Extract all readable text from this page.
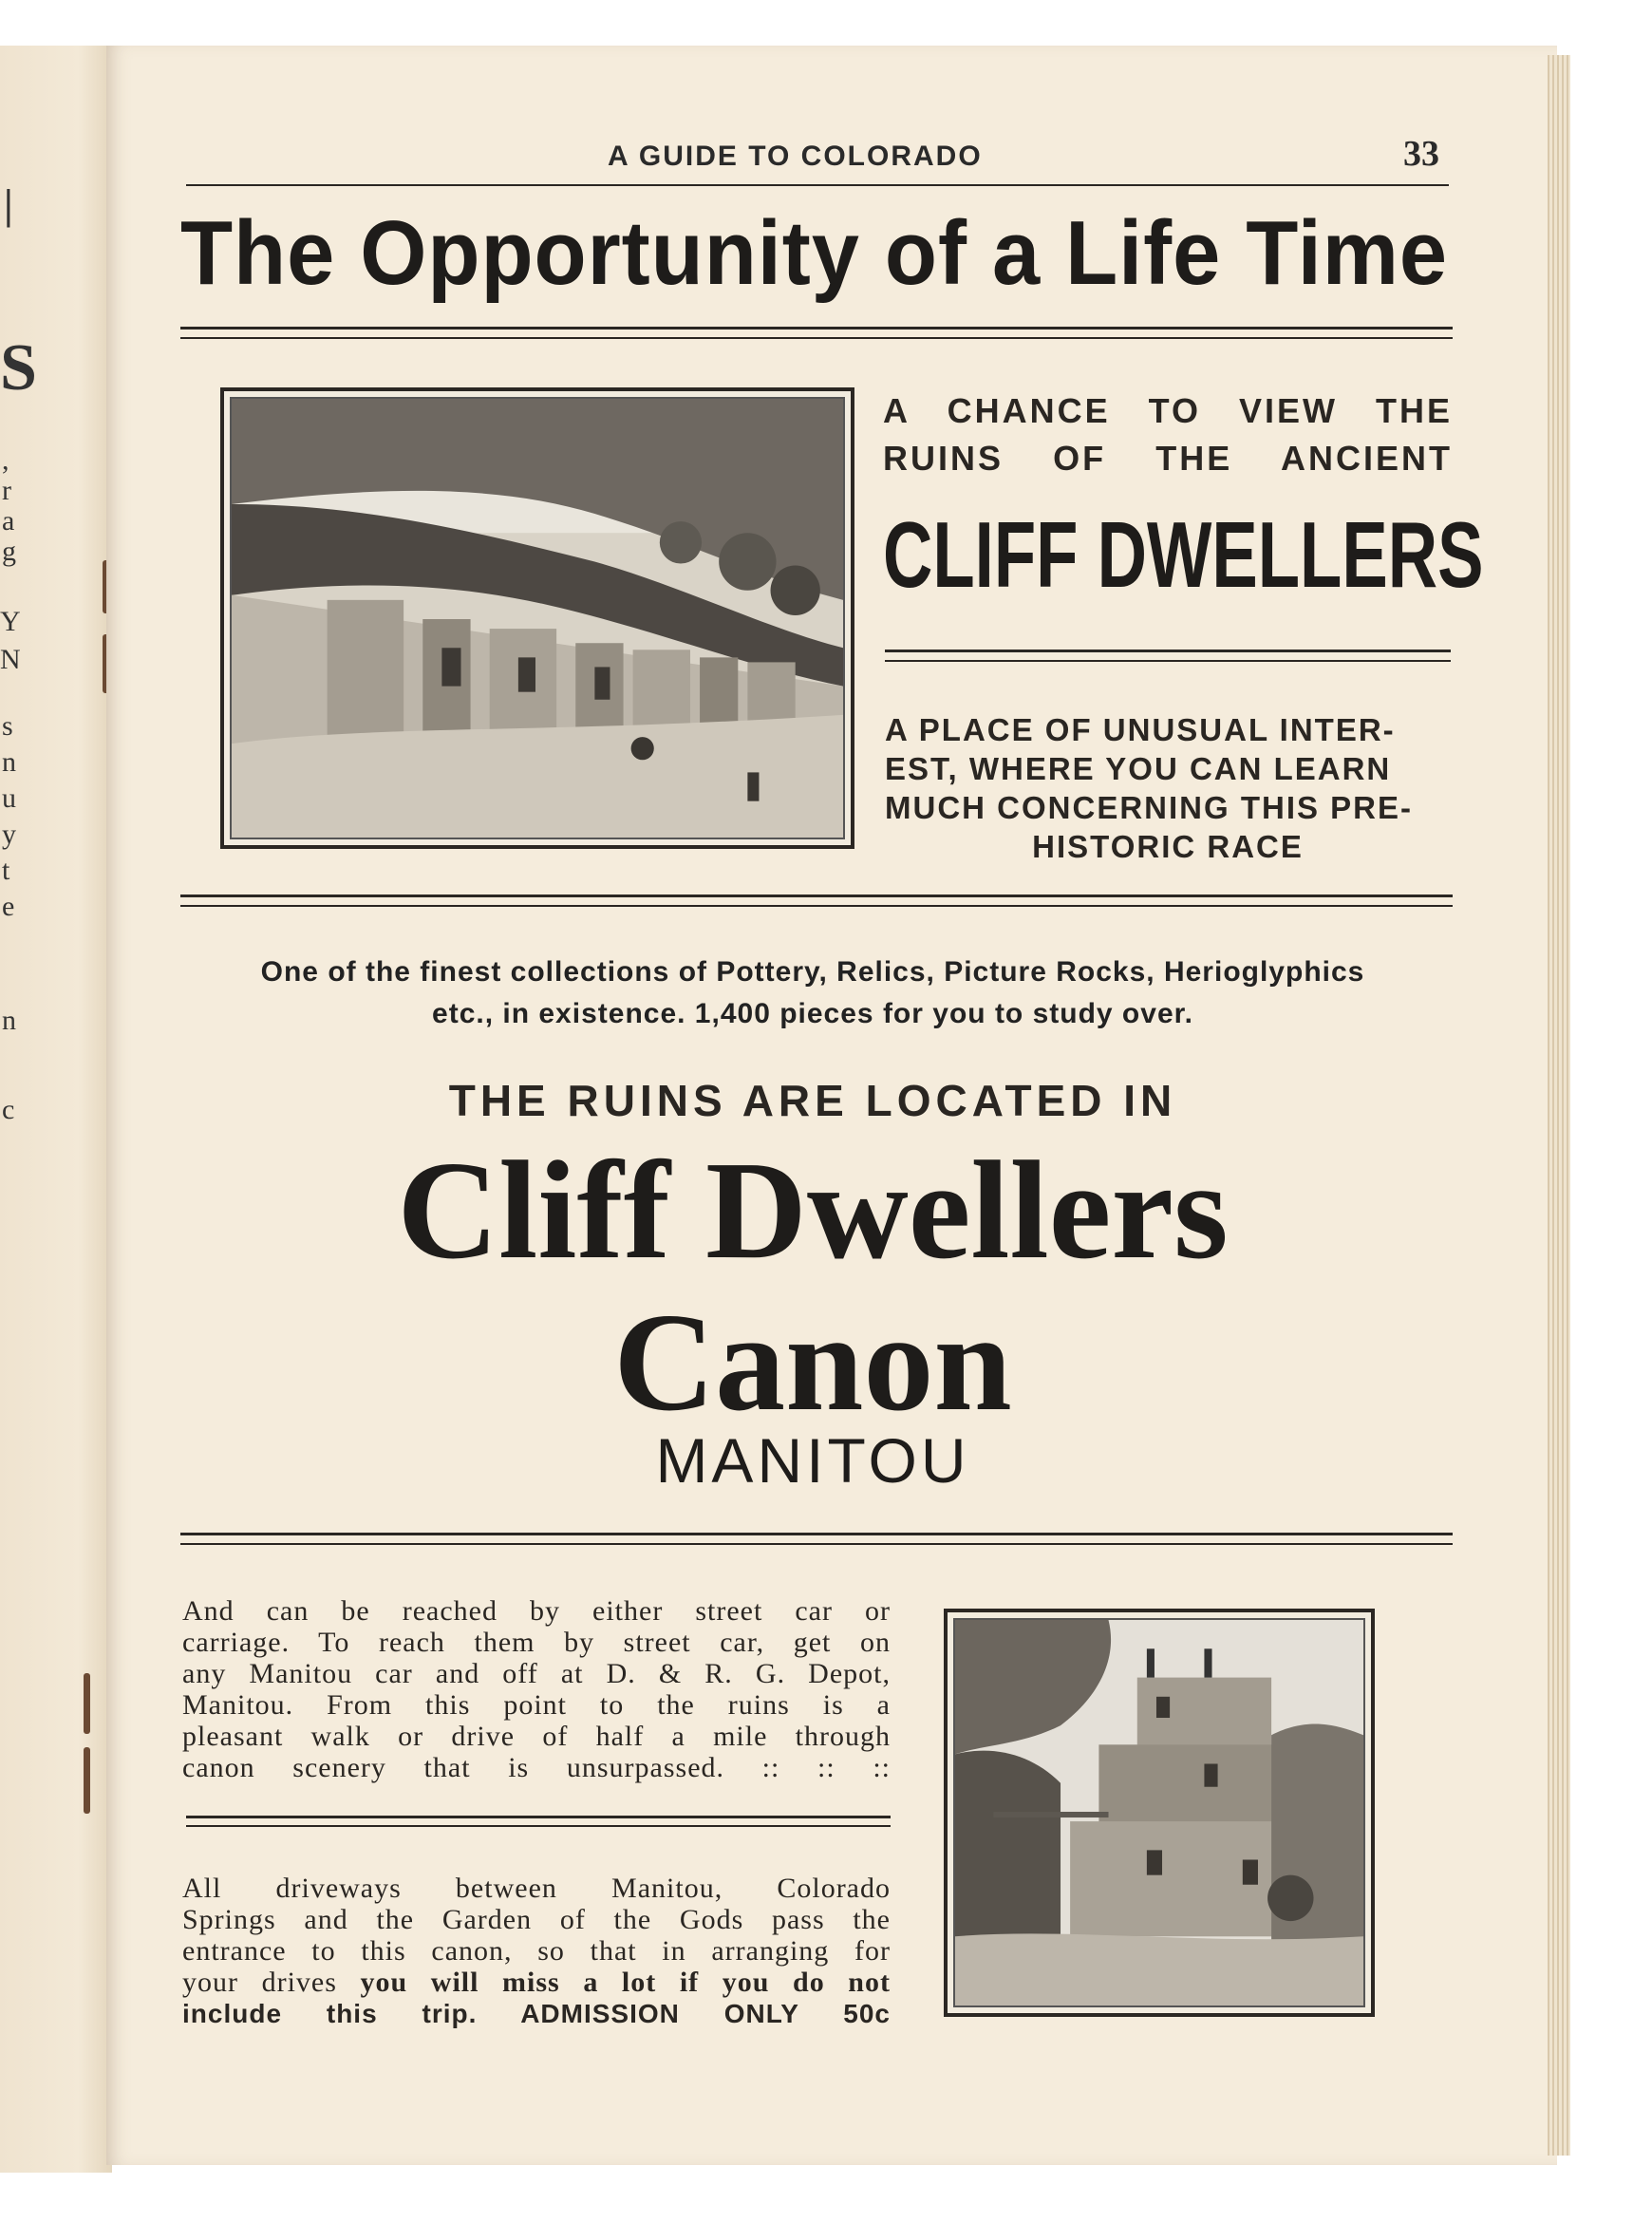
|
S
,
r
a
g
Y
N
s
n
u
y
t
e
n
c
A GUIDE TO COLORADO	33
The Opportunity of a Life Time
A CHANCE TO VIEW THE
RUINS OF THE ANCIENT
CLIFF DWELLERS
A PLACE OF UNUSUAL INTER-
EST, WHERE YOU CAN LEARN
MUCH CONCERNING THIS PRE-
HISTORIC RACE
One of the finest collections of Pottery, Relics, Picture Rocks, Herioglyphics
etc., in existence. 1,400 pieces for you to study over.
THE RUINS ARE LOCATED IN
Cliff Dwellers
Canon
MANITOU
And can be reached by either street car or
carriage. To reach them by street car, get on
any Manitou car and off at D. & R. G. Depot,
Manitou. From this point to the ruins is a
pleasant walk or drive of half a mile through
canon scenery that is unsurpassed. :: :: ::
All driveways between Manitou, Colorado
Springs and the Garden of the Gods pass the
entrance to this canon, so that in arranging for
your drives you will miss a lot if you do not
include this trip. ADMISSION ONLY 50c
